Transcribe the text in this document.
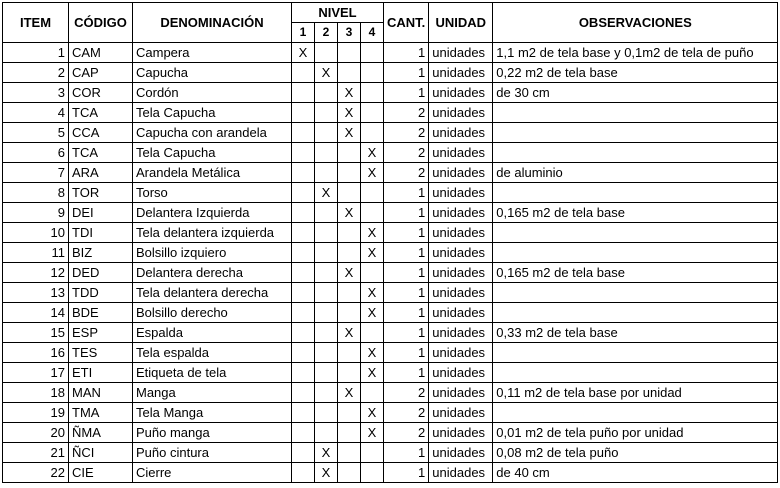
ITEM	CÓDIGO	DENOMINACIÓN	NIVEL				CANT.	UNIDAD	OBSERVACIONES
			1	2	3	4			
1	CAM	Campera	X				1	unidades	1,1 m2 de tela base y 0,1m2 de tela de puño
2	CAP	Capucha		X			1	unidades	0,22 m2 de tela base
3	COR	Cordón			X		1	unidades	de 30 cm
4	TCA	Tela Capucha			X		2	unidades	
5	CCA	Capucha con arandela			X		2	unidades	
6	TCA	Tela Capucha				X	2	unidades	
7	ARA	Arandela Metálica				X	2	unidades	de aluminio
8	TOR	Torso		X			1	unidades	
9	DEI	Delantera Izquierda			X		1	unidades	0,165 m2 de tela base
10	TDI	Tela delantera izquierda				X	1	unidades	
11	BIZ	Bolsillo izquiero				X	1	unidades	
12	DED	Delantera derecha			X		1	unidades	0,165 m2 de tela base
13	TDD	Tela delantera derecha				X	1	unidades	
14	BDE	Bolsillo derecho				X	1	unidades	
15	ESP	Espalda			X		1	unidades	0,33 m2 de tela base
16	TES	Tela espalda				X	1	unidades	
17	ETI	Etiqueta de tela				X	1	unidades	
18	MAN	Manga			X		2	unidades	0,11 m2 de tela base por unidad
19	TMA	Tela Manga				X	2	unidades	
20	ÑMA	Puño manga				X	2	unidades	0,01 m2 de tela puño por unidad
21	ÑCI	Puño cintura		X			1	unidades	0,08 m2 de tela puño
22	CIE	Cierre		X			1	unidades	de 40 cm
